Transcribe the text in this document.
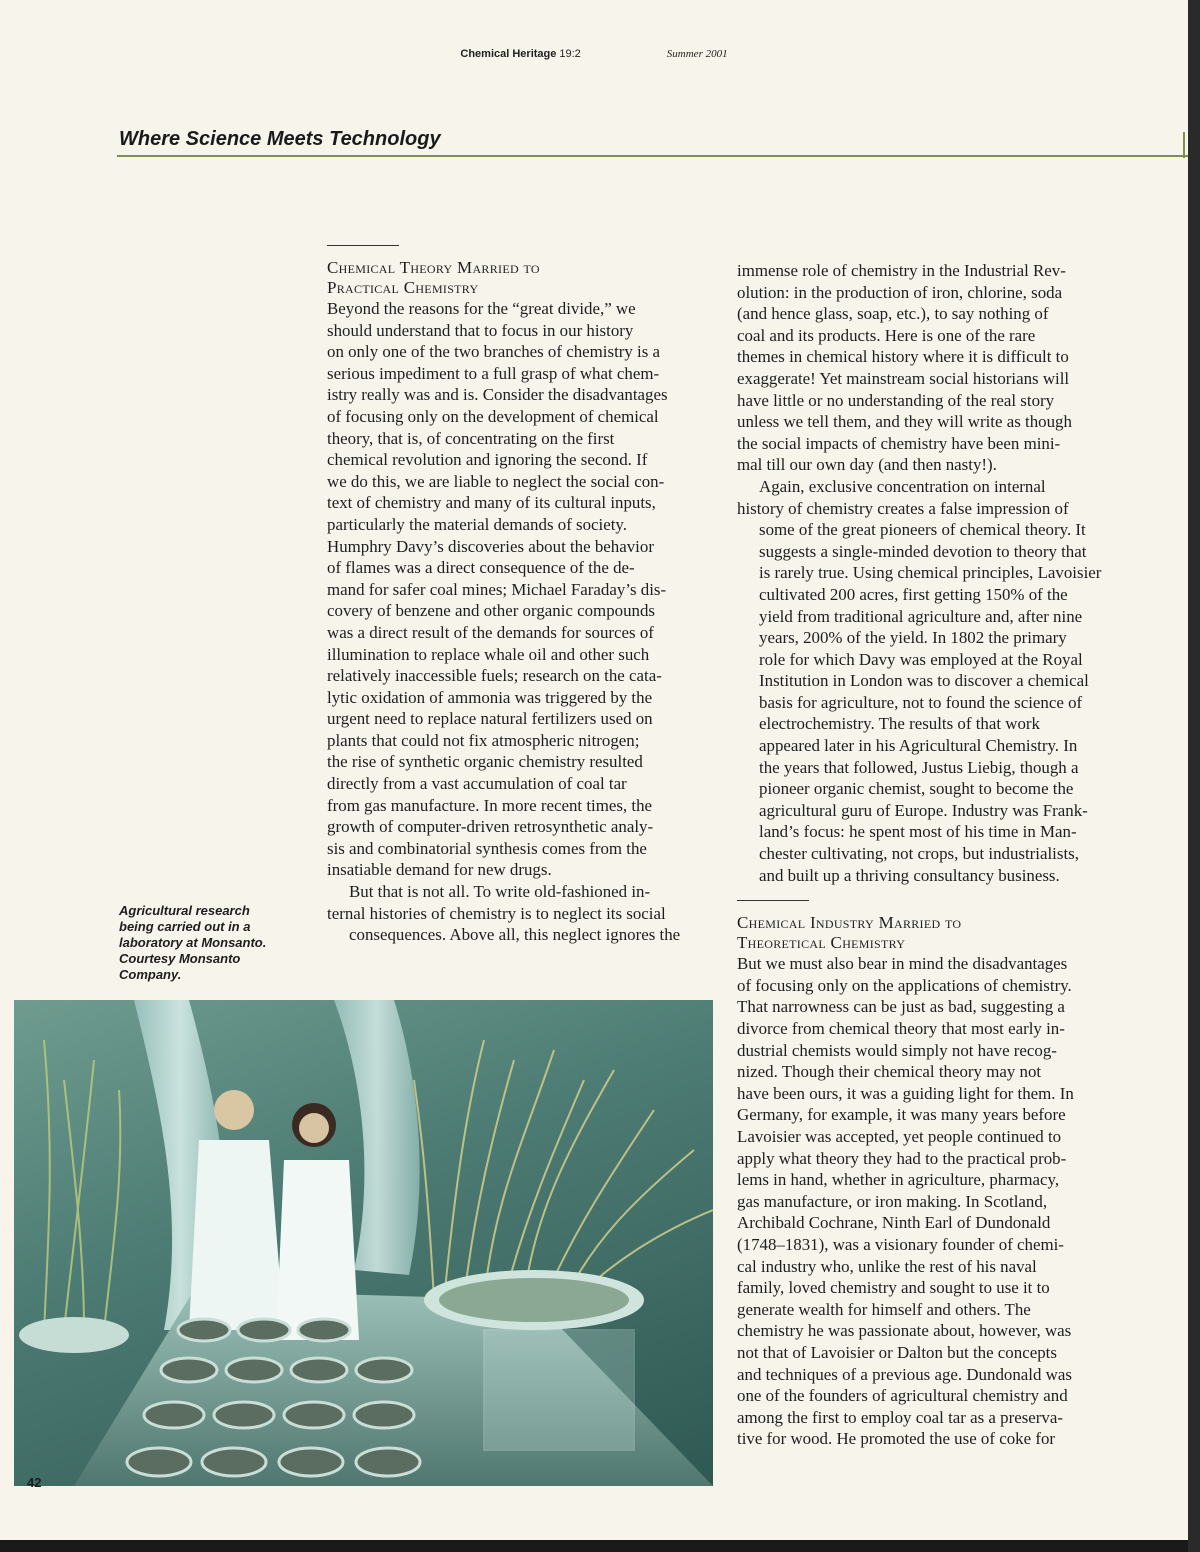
Chemical Heritage 19:2	Summer 2001
Where Science Meets Technology
Chemical Theory Married to
Practical Chemistry

Beyond the reasons for the “great divide,” we
should understand that to focus in our history
on only one of the two branches of chemistry is a
serious impediment to a full grasp of what chem-
istry really was and is. Consider the disadvantages
of focusing only on the development of chemical
theory, that is, of concentrating on the first
chemical revolution and ignoring the second. If
we do this, we are liable to neglect the social con-
text of chemistry and many of its cultural inputs,
particularly the material demands of society.
Humphry Davy’s discoveries about the behavior
of flames was a direct consequence of the de-
mand for safer coal mines; Michael Faraday’s dis-
covery of benzene and other organic compounds
was a direct result of the demands for sources of
illumination to replace whale oil and other such
relatively inaccessible fuels; research on the cata-
lytic oxidation of ammonia was triggered by the
urgent need to replace natural fertilizers used on
plants that could not fix atmospheric nitrogen;
the rise of synthetic organic chemistry resulted
directly from a vast accumulation of coal tar
from gas manufacture. In more recent times, the
growth of computer-driven retrosynthetic analy-
sis and combinatorial synthesis comes from the
insatiable demand for new drugs.

But that is not all. To write old-fashioned in-
ternal histories of chemistry is to neglect its social
consequences. Above all, this neglect ignores the

immense role of chemistry in the Industrial Rev-
olution: in the production of iron, chlorine, soda
(and hence glass, soap, etc.), to say nothing of
coal and its products. Here is one of the rare
themes in chemical history where it is difficult to
exaggerate! Yet mainstream social historians will
have little or no understanding of the real story
unless we tell them, and they will write as though
the social impacts of chemistry have been mini-
mal till our own day (and then nasty!).

Again, exclusive concentration on internal
history of chemistry creates a false impression of
some of the great pioneers of chemical theory. It
suggests a single-minded devotion to theory that
is rarely true. Using chemical principles, Lavoisier
cultivated 200 acres, first getting 150% of the
yield from traditional agriculture and, after nine
years, 200% of the yield. In 1802 the primary
role for which Davy was employed at the Royal
Institution in London was to discover a chemical
basis for agriculture, not to found the science of
electrochemistry. The results of that work
appeared later in his Agricultural Chemistry. In
the years that followed, Justus Liebig, though a
pioneer organic chemist, sought to become the
agricultural guru of Europe. Industry was Frank-
land’s focus: he spent most of his time in Man-
chester cultivating, not crops, but industrialists,
and built up a thriving consultancy business.

Chemical Industry Married to
Theoretical Chemistry

But we must also bear in mind the disadvantages
of focusing only on the applications of chemistry.
That narrowness can be just as bad, suggesting a
divorce from chemical theory that most early in-
dustrial chemists would simply not have recog-
nized. Though their chemical theory may not
have been ours, it was a guiding light for them. In
Germany, for example, it was many years before
Lavoisier was accepted, yet people continued to
apply what theory they had to the practical prob-
lems in hand, whether in agriculture, pharmacy,
gas manufacture, or iron making. In Scotland,
Archibald Cochrane, Ninth Earl of Dundonald
(1748–1831), was a visionary founder of chemi-
cal industry who, unlike the rest of his naval
family, loved chemistry and sought to use it to
generate wealth for himself and others. The
chemistry he was passionate about, however, was
not that of Lavoisier or Dalton but the concepts
and techniques of a previous age. Dundonald was
one of the founders of agricultural chemistry and
among the first to employ coal tar as a preserva-
tive for wood. He promoted the use of coke for

Agricultural research
being carried out in a
laboratory at Monsanto.
Courtesy Monsanto
Company.
42
